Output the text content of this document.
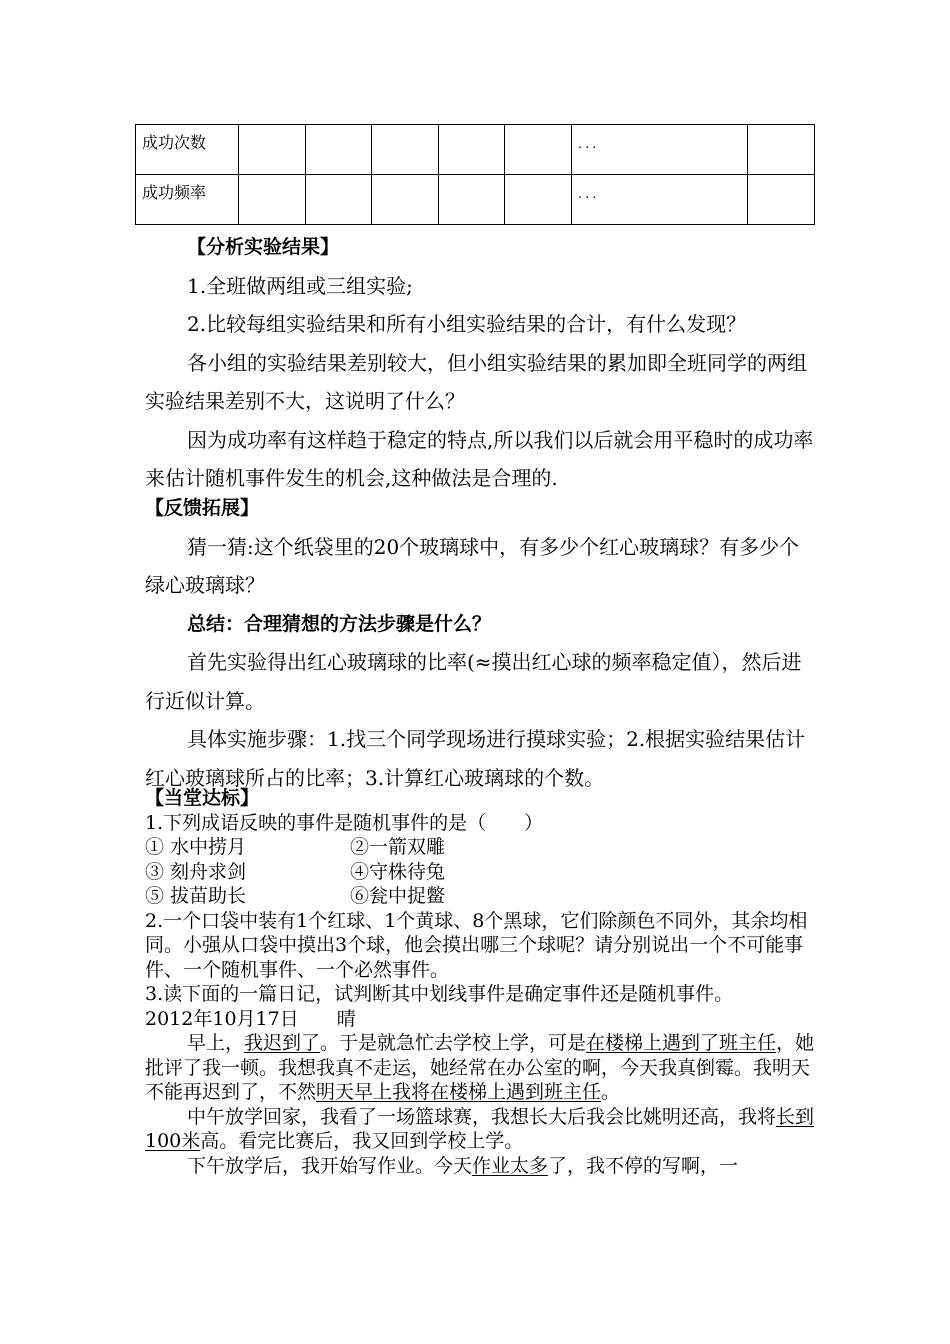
成功次数						...	
成功频率						...	
【分析实验结果】
1.全班做两组或三组实验;
2.比较每组实验结果和所有小组实验结果的合计，有什么发现？
各小组的实验结果差别较大，但小组实验结果的累加即全班同学的两组实验结果差别不大，这说明了什么？
因为成功率有这样趋于稳定的特点,所以我们以后就会用平稳时的成功率来估计随机事件发生的机会,这种做法是合理的.
【反馈拓展】
猜一猜:这个纸袋里的20个玻璃球中，有多少个红心玻璃球？有多少个绿心玻璃球？
总结：合理猜想的方法步骤是什么？
首先实验得出红心玻璃球的比率(≈摸出红心球的频率稳定值），然后进行近似计算。
具体实施步骤：1.找三个同学现场进行摸球实验；2.根据实验结果估计红心玻璃球所占的比率；3.计算红心玻璃球的个数。
【当堂达标】
1.下列成语反映的事件是随机事件的是（　　）
① 水中捞月	②一箭双雕
③ 刻舟求剑	④守株待兔
⑤ 拔苗助长	⑥瓮中捉鳖
2.一个口袋中装有1个红球、1个黄球、8个黑球，它们除颜色不同外，其余均相同。小强从口袋中摸出3个球，他会摸出哪三个球呢？请分别说出一个不可能事件、一个随机事件、一个必然事件。
3.读下面的一篇日记，试判断其中划线事件是确定事件还是随机事件。
2012年10月17日　　晴
早上，我迟到了。于是就急忙去学校上学，可是在楼梯上遇到了班主任，她批评了我一顿。我想我真不走运，她经常在办公室的啊，今天我真倒霉。我明天不能再迟到了，不然明天早上我将在楼梯上遇到班主任。
中午放学回家，我看了一场篮球赛，我想长大后我会比姚明还高，我将长到100米高。看完比赛后，我又回到学校上学。
下午放学后，我开始写作业。今天作业太多了，我不停的写啊，一
